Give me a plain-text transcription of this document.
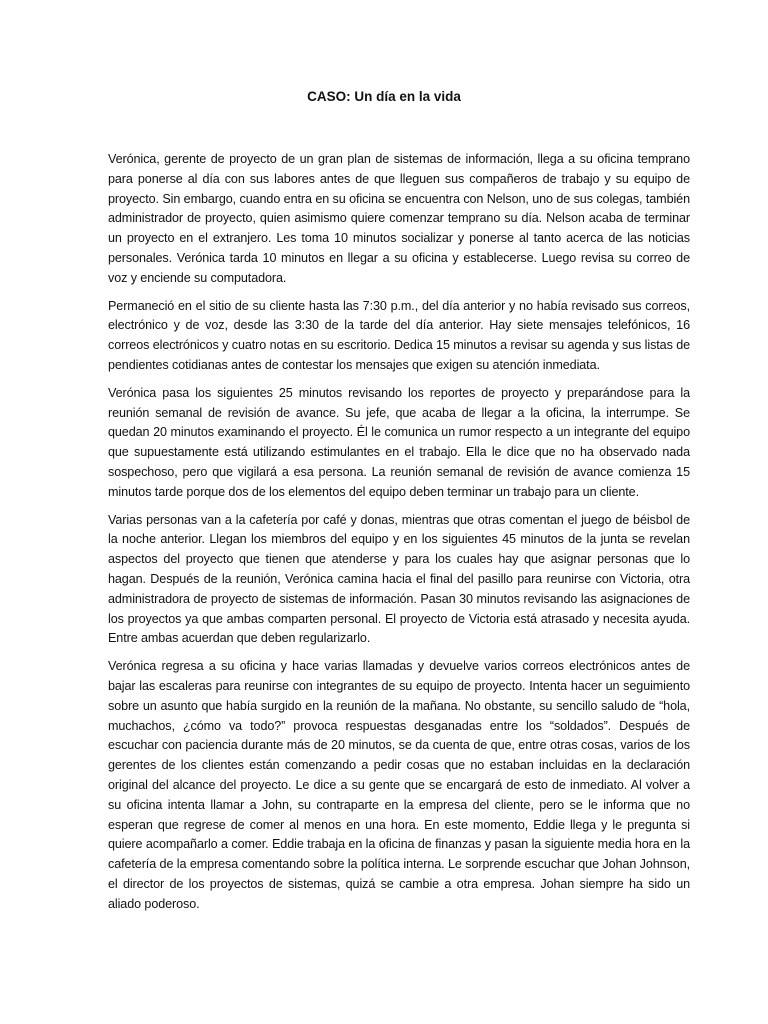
CASO: Un día en la vida

Verónica, gerente de proyecto de un gran plan de sistemas de información, llega a su oficina temprano para ponerse al día con sus labores antes de que lleguen sus compañeros de trabajo y su equipo de proyecto. Sin embargo, cuando entra en su oficina se encuentra con Nelson, uno de sus colegas, también administrador de proyecto, quien asimismo quiere comenzar temprano su día. Nelson acaba de terminar un proyecto en el extranjero. Les toma 10 minutos socializar y ponerse al tanto acerca de las noticias personales. Verónica tarda 10 minutos en llegar a su oficina y establecerse. Luego revisa su correo de voz y enciende su computadora.

Permaneció en el sitio de su cliente hasta las 7:30 p.m., del día anterior y no había revisado sus correos, electrónico y de voz, desde las 3:30 de la tarde del día anterior. Hay siete mensajes telefónicos, 16 correos electrónicos y cuatro notas en su escritorio. Dedica 15 minutos a revisar su agenda y sus listas de pendientes cotidianas antes de contestar los mensajes que exigen su atención inmediata.

Verónica pasa los siguientes 25 minutos revisando los reportes de proyecto y preparándose para la reunión semanal de revisión de avance. Su jefe, que acaba de llegar a la oficina, la interrumpe. Se quedan 20 minutos examinando el proyecto. Él le comunica un rumor respecto a un integrante del equipo que supuestamente está utilizando estimulantes en el trabajo. Ella le dice que no ha observado nada sospechoso, pero que vigilará a esa persona. La reunión semanal de revisión de avance comienza 15 minutos tarde porque dos de los elementos del equipo deben terminar un trabajo para un cliente.

Varias personas van a la cafetería por café y donas, mientras que otras comentan el juego de béisbol de la noche anterior. Llegan los miembros del equipo y en los siguientes 45 minutos de la junta se revelan aspectos del proyecto que tienen que atenderse y para los cuales hay que asignar personas que lo hagan. Después de la reunión, Verónica camina hacia el final del pasillo para reunirse con Victoria, otra administradora de proyecto de sistemas de información. Pasan 30 minutos revisando las asignaciones de los proyectos ya que ambas comparten personal. El proyecto de Victoria está atrasado y necesita ayuda. Entre ambas acuerdan que deben regularizarlo.

Verónica regresa a su oficina y hace varias llamadas y devuelve varios correos electrónicos antes de bajar las escaleras para reunirse con integrantes de su equipo de proyecto. Intenta hacer un seguimiento sobre un asunto que había surgido en la reunión de la mañana. No obstante, su sencillo saludo de “hola, muchachos, ¿cómo va todo?” provoca respuestas desganadas entre los “soldados”. Después de escuchar con paciencia durante más de 20 minutos, se da cuenta de que, entre otras cosas, varios de los gerentes de los clientes están comenzando a pedir cosas que no estaban incluidas en la declaración original del alcance del proyecto. Le dice a su gente que se encargará de esto de inmediato. Al volver a su oficina intenta llamar a John, su contraparte en la empresa del cliente, pero se le informa que no esperan que regrese de comer al menos en una hora. En este momento, Eddie llega y le pregunta si quiere acompañarlo a comer. Eddie trabaja en la oficina de finanzas y pasan la siguiente media hora en la cafetería de la empresa comentando sobre la política interna. Le sorprende escuchar que Johan Johnson, el director de los proyectos de sistemas, quizá se cambie a otra empresa. Johan siempre ha sido un aliado poderoso.
